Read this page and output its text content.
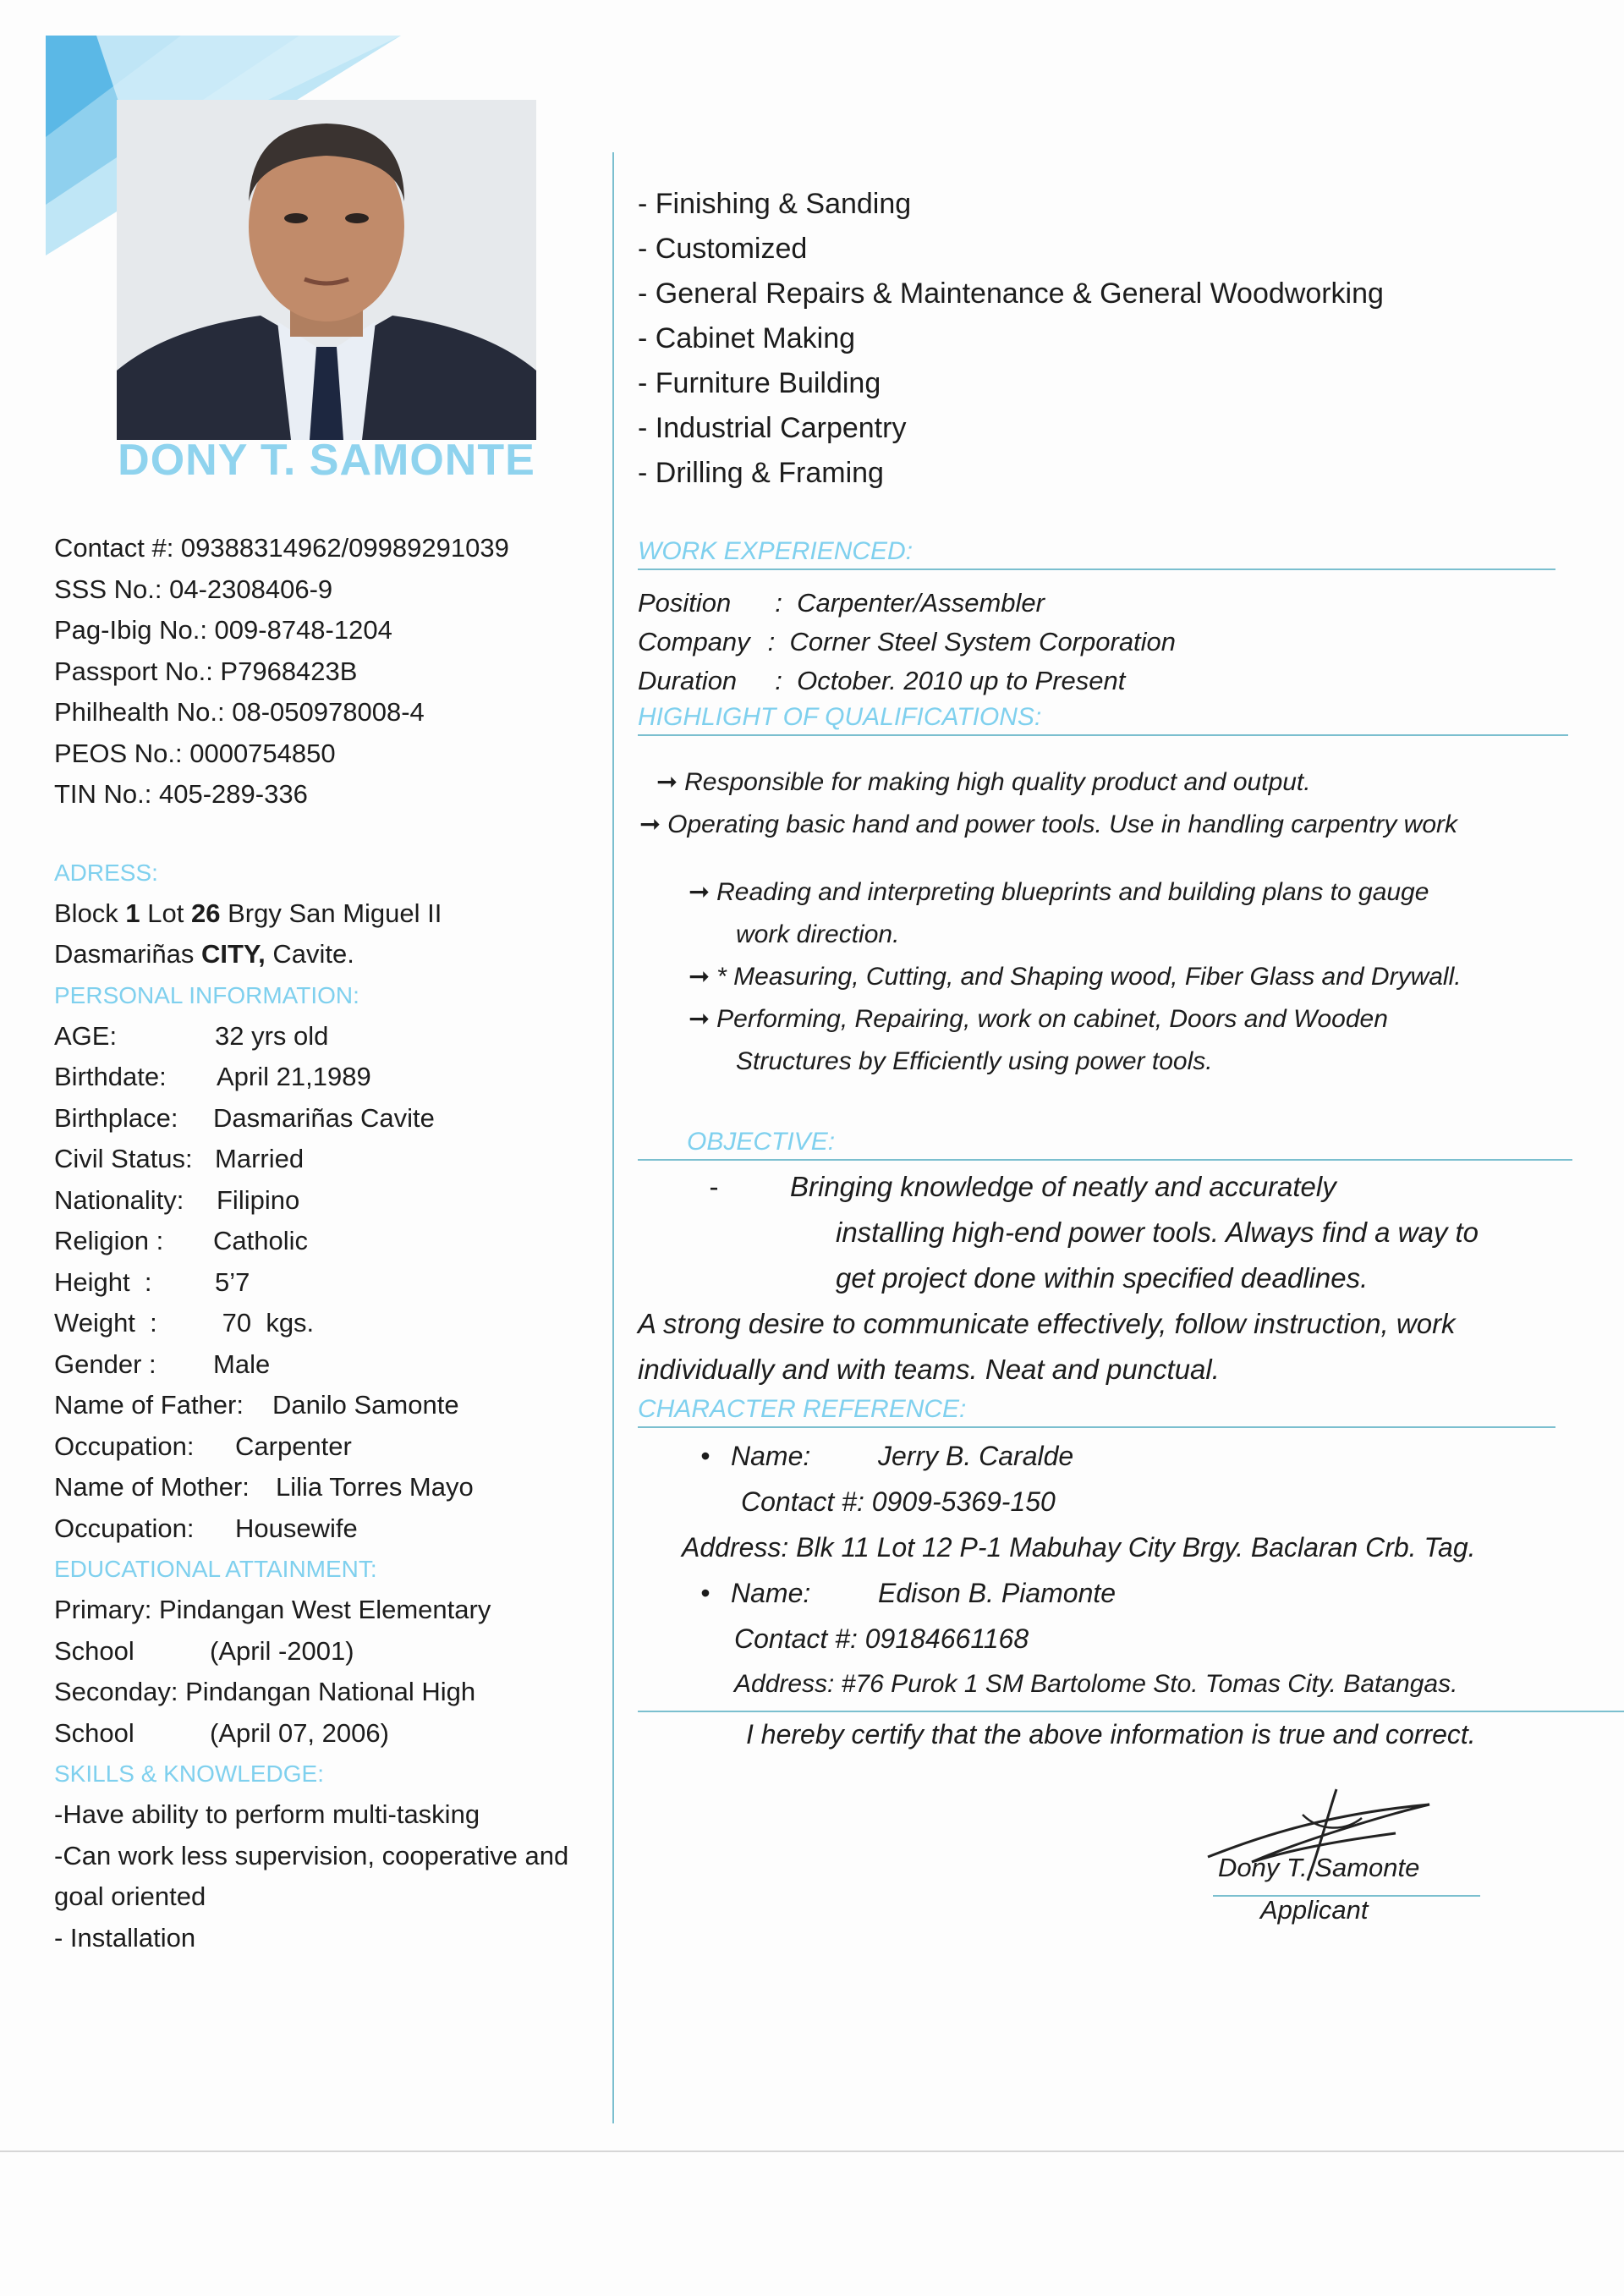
DONY T. SAMONTE
Contact #: 09388314962/09989291039
SSS No.: 04-2308406-9
Pag-Ibig No.: 009-8748-1204
Passport No.: P7968423B
Philhealth No.: 08-050978008-4
PEOS No.: 0000754850
TIN No.: 405-289-336
ADRESS:
Block 1 Lot 26 Brgy San Miguel II
Dasmariñas CITY, Cavite.
PERSONAL INFORMATION:
AGE:	32 yrs old
Birthdate:	April 21,1989
Birthplace:	Dasmariñas Cavite
Civil Status: Married
Nationality:	Filipino
Religion :	Catholic
Height  :	5’7
Weight  :	70  kgs.
Gender :	Male
Name of Father:	Danilo Samonte
Occupation:	Carpenter
Name of Mother:	Lilia Torres Mayo
Occupation:	Housewife
EDUCATIONAL ATTAINMENT:
Primary: Pindangan West Elementary
School	(April -2001)
Seconday: Pindangan National High
School	(April 07, 2006)
SKILLS & KNOWLEDGE:
-Have ability to perform multi-tasking
-Can work less supervision, cooperative and
goal oriented
- Installation
- Finishing & Sanding
- Customized
- General Repairs & Maintenance & General Woodworking
- Cabinet Making
- Furniture Building
- Industrial Carpentry
- Drilling & Framing
WORK EXPERIENCED:
Position  :  Carpenter/Assembler
Company :  Corner Steel System Corporation
Duration  :  October. 2010 up to Present
HIGHLIGHT OF QUALIFICATIONS:
➞ Responsible for making high quality product and output.
➞ Operating basic hand and power tools. Use in handling carpentry work
➞ Reading and interpreting blueprints and building plans to gauge
work direction.
➞ * Measuring, Cutting, and Shaping wood, Fiber Glass and Drywall.
➞ Performing, Repairing, work on cabinet, Doors and Wooden
Structures by Efficiently using power tools.
OBJECTIVE:
-	Bringing knowledge of neatly and accurately
installing high-end power tools. Always find a way to
get project done within specified deadlines.
A strong desire to communicate effectively, follow instruction, work
individually and with teams. Neat and punctual.
CHARACTER REFERENCE:
• Name: Jerry B. Caralde
Contact #: 0909-5369-150
Address: Blk 11 Lot 12 P-1 Mabuhay City Brgy. Baclaran Crb. Tag.
• Name: Edison B. Piamonte
Contact #: 09184661168
Address: #76 Purok 1 SM Bartolome Sto. Tomas City. Batangas.
I hereby certify that the above information is true and correct.
Dony T. Samonte
Applicant
